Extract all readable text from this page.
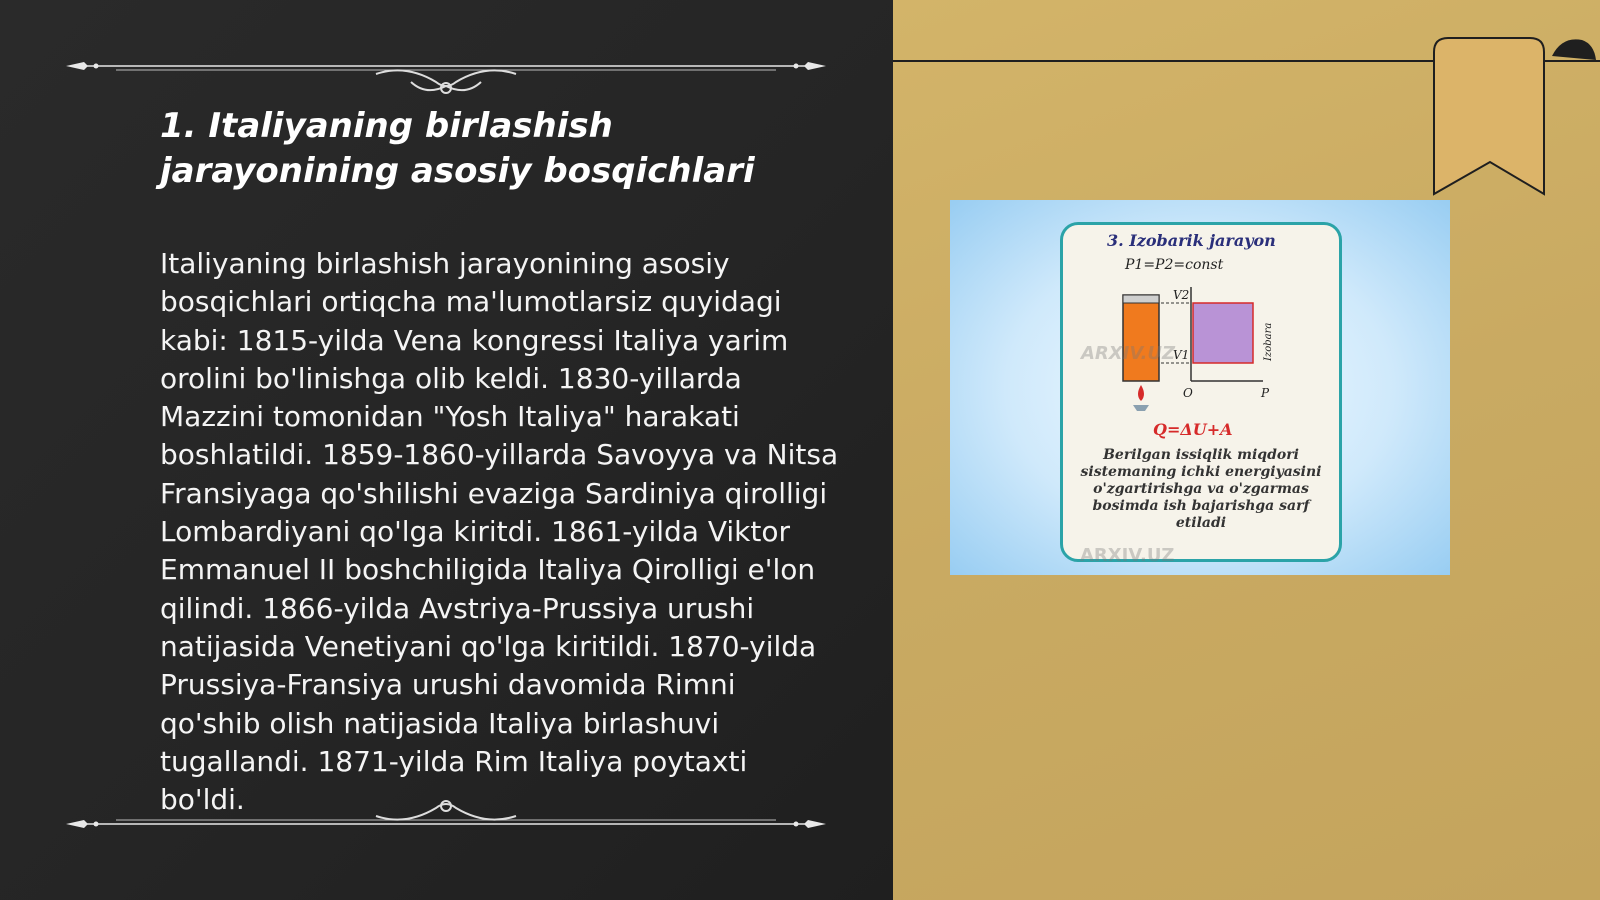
1. Italiyaning birlashish jarayonining asosiy bosqichlari

Italiyaning birlashish jarayonining asosiy bosqichlari ortiqcha ma'lumotlarsiz quyidagi kabi: 1815-yilda Vena kongressi Italiya yarim orolini bo'linishga olib keldi. 1830-yillarda Mazzini tomonidan "Yosh Italiya" harakati boshlatildi. 1859-1860-yillarda Savoyya va Nitsa Fransiyaga qo'shilishi evaziga Sardiniya qirolligi Lombardiyani qo'lga kiritdi. 1861-yilda Viktor Emmanuel II boshchiligida Italiya Qirolligi e'lon qilindi. 1866-yilda Avstriya-Prussiya urushi natijasida Venetiyani qo'lga kiritildi. 1870-yilda Prussiya-Fransiya urushi davomida Rimni qo'shib olish natijasida Italiya birlashuvi tugallandi. 1871-yilda Rim Italiya poytaxti bo'ldi.

3. Izobarik jarayon
P1=P2=const
V2
V1
O	P
Izobara
Q=ΔU+A
Berilgan issiqlik miqdori sistemaning ichki energiyasini o'zgartirishga va o'zgarmas bosimda ish bajarishga sarf etiladi
ARXIV.UZ
ARXIV.UZ
